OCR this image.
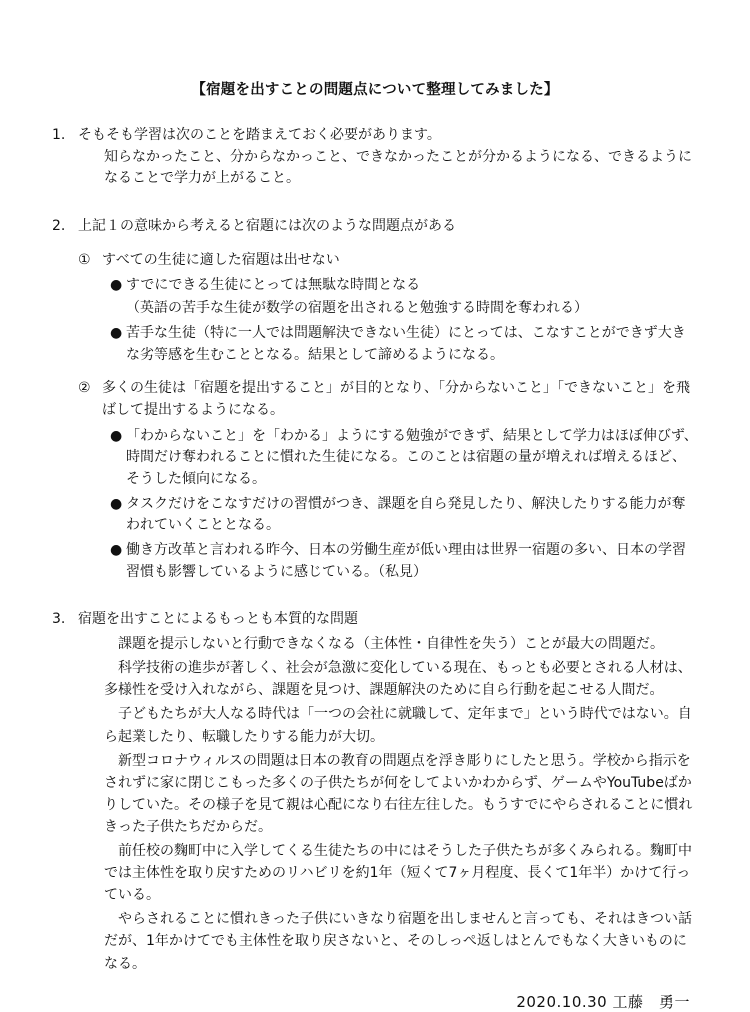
【宿題を出すことの問題点について整理してみました】
1. そもそも学習は次のことを踏まえておく必要があります。
知らなかったこと、分からなかっこと、できなかったことが分かるようになる、できるようになることで学力が上がること。
2. 上記１の意味から考えると宿題には次のような問題点がある
① すべての生徒に適した宿題は出せない
● すでにできる生徒にとっては無駄な時間となる
（英語の苦手な生徒が数学の宿題を出されると勉強する時間を奪われる）
● 苦手な生徒（特に一人では問題解決できない生徒）にとっては、こなすことができず大きな劣等感を生むこととなる。結果として諦めるようになる。
② 多くの生徒は「宿題を提出すること」が目的となり、「分からないこと」「できないこと」を飛ばして提出するようになる。
● 「わからないこと」を「わかる」ようにする勉強ができず、結果として学力はほぼ伸びず、時間だけ奪われることに慣れた生徒になる。このことは宿題の量が増えれば増えるほど、そうした傾向になる。
● タスクだけをこなすだけの習慣がつき、課題を自ら発見したり、解決したりする能力が奪われていくこととなる。
● 働き方改革と言われる昨今、日本の労働生産が低い理由は世界一宿題の多い、日本の学習習慣も影響しているように感じている。（私見）
3. 宿題を出すことによるもっとも本質的な問題
課題を提示しないと行動できなくなる（主体性・自律性を失う）ことが最大の問題だ。
科学技術の進歩が著しく、社会が急激に変化している現在、もっとも必要とされる人材は、多様性を受け入れながら、課題を見つけ、課題解決のために自ら行動を起こせる人間だ。
子どもたちが大人なる時代は「一つの会社に就職して、定年まで」という時代ではない。自ら起業したり、転職したりする能力が大切。
新型コロナウィルスの問題は日本の教育の問題点を浮き彫りにしたと思う。学校から指示をされずに家に閉じこもった多くの子供たちが何をしてよいかわからず、ゲームやYouTubeばかりしていた。その様子を見て親は心配になり右往左往した。もうすでにやらされることに慣れきった子供たちだからだ。
前任校の麴町中に入学してくる生徒たちの中にはそうした子供たちが多くみられる。麴町中では主体性を取り戻すためのリハビリを約1年（短くて7ヶ月程度、長くて1年半）かけて行っている。
やらされることに慣れきった子供にいきなり宿題を出しませんと言っても、それはきつい話だが、1年かけてでも主体性を取り戻さないと、そのしっぺ返しはとんでもなく大きいものになる。
2020.10.30 工藤　勇一
